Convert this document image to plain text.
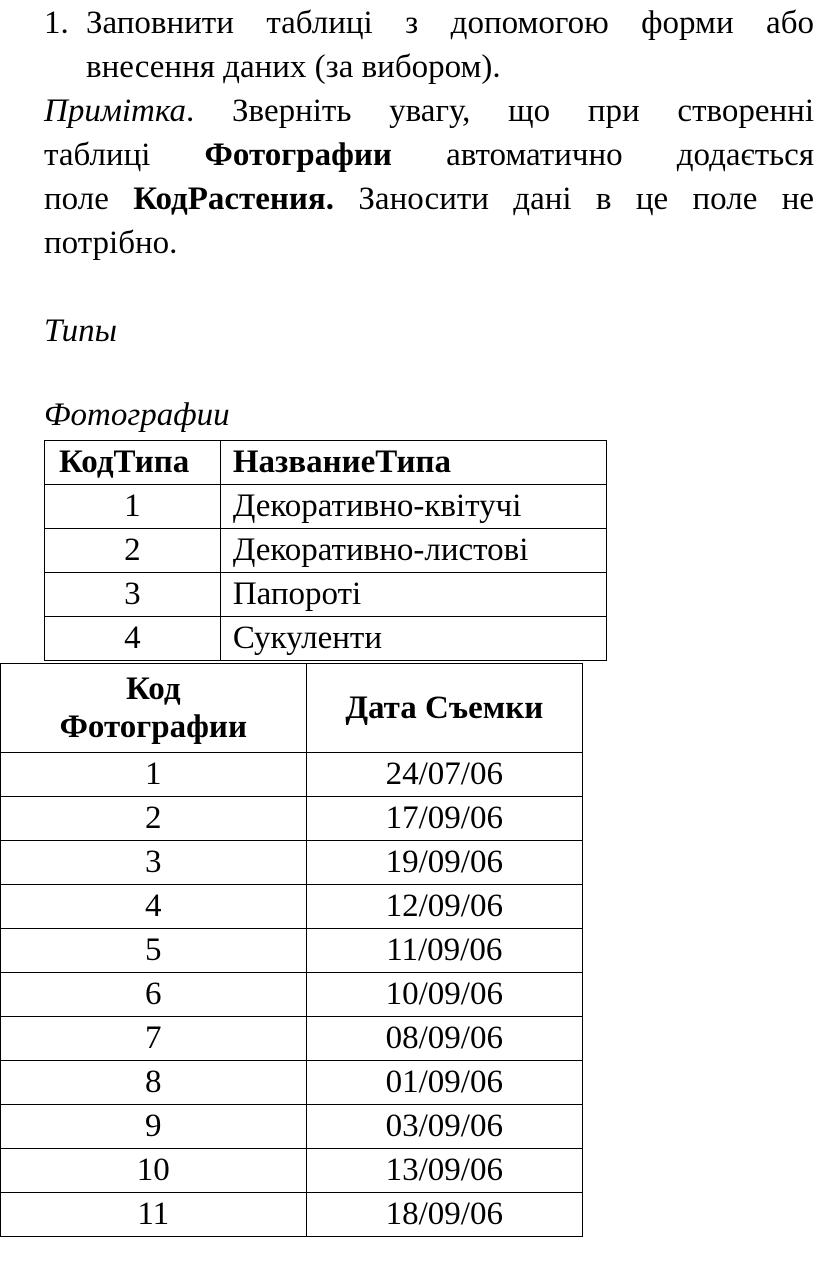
1. Заповнити таблиці з допомогою форми або
внесення даних (за вибором).
Примітка. Зверніть увагу, що при створенні
таблиці Фотографии автоматично додається
поле КодРастения. Заносити дані в це поле не
потрібно.
Типы
Фотографии
КодТипа	НазваниеТипа
1	Декоративно-квітучі
2	Декоративно-листові
3	Папороті
4	Сукуленти
Код
Фотографии	Дата Съемки
1	24/07/06
2	17/09/06
3	19/09/06
4	12/09/06
5	11/09/06
6	10/09/06
7	08/09/06
8	01/09/06
9	03/09/06
10	13/09/06
11	18/09/06
